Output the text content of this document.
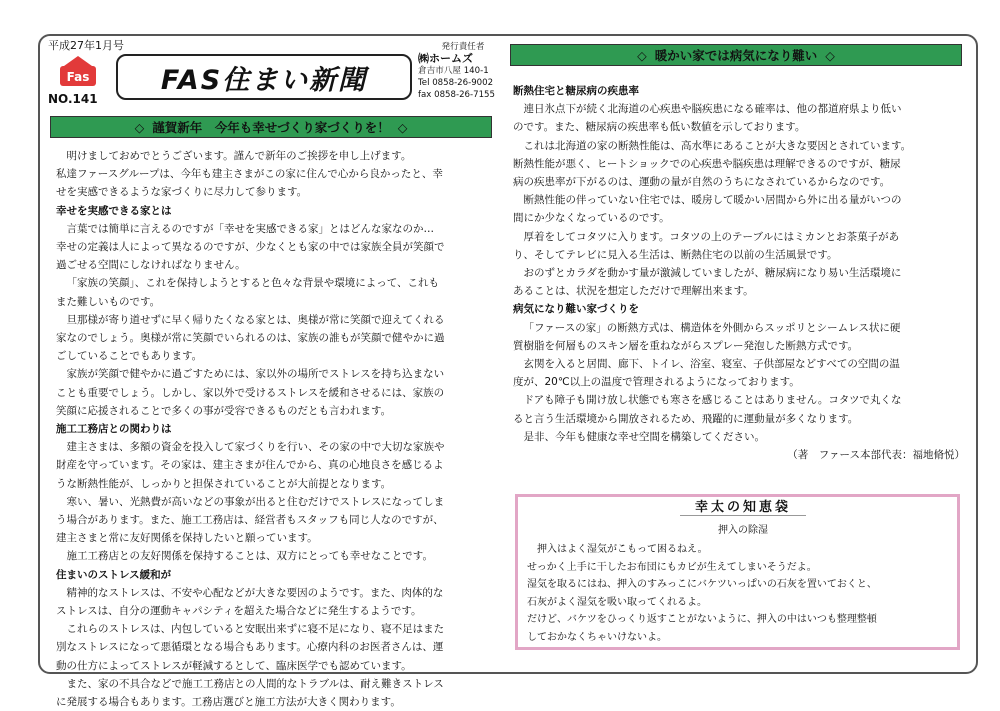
平成27年1月号
Fas
NO.141
FAS住まい新聞
発行責任者
㈱ホームズ
倉吉市八屋 140-1
Tel 0858-26-9002
fax 0858-26-7155
◇ 謹賀新年　今年も幸せづくり家づくりを！ ◇

明けましておめでとうございます。謹んで新年のご挨拶を申し上げます。

私達ファースグループは、今年も建主さまがこの家に住んで心から良かったと、幸

せを実感できるような家づくりに尽力して参ります。

幸せを実感できる家とは

言葉では簡単に言えるのですが「幸せを実感できる家」とはどんな家なのか…

幸せの定義は人によって異なるのですが、少なくとも家の中では家族全員が笑顔で

過ごせる空間にしなければなりません。

「家族の笑顔」、これを保持しようとすると色々な背景や環境によって、これも

また難しいものです。

旦那様が寄り道せずに早く帰りたくなる家とは、奥様が常に笑顔で迎えてくれる

家なのでしょう。奥様が常に笑顔でいられるのは、家族の誰もが笑顔で健やかに過

ごしていることでもあります。

家族が笑顔で健やかに過ごすためには、家以外の場所でストレスを持ち込まない

ことも重要でしょう。しかし、家以外で受けるストレスを緩和させるには、家族の

笑顔に応援されることで多くの事が受容できるものだとも言われます。

施工工務店との関わりは

建主さまは、多額の資金を投入して家づくりを行い、その家の中で大切な家族や

財産を守っています。その家は、建主さまが住んでから、真の心地良さを感じるよ

うな断熱性能が、しっかりと担保されていることが大前提となります。

寒い、暑い、光熱費が高いなどの事象が出ると住むだけでストレスになってしま

う場合があります。また、施工工務店は、経営者もスタッフも同じ人なのですが、

建主さまと常に友好関係を保持したいと願っています。

施工工務店との友好関係を保持することは、双方にとっても幸せなことです。

住まいのストレス緩和が

精神的なストレスは、不安や心配などが大きな要因のようです。また、肉体的な

ストレスは、自分の運動キャパシティを超えた場合などに発生するようです。

これらのストレスは、内包していると安眠出来ずに寝不足になり、寝不足はまた

別なストレスになって悪循環となる場合もあります。心療内科のお医者さんは、運

動の仕方によってストレスが軽減するとして、臨床医学でも認めています。

また、家の不具合などで施工工務店との人間的なトラブルは、耐え難きストレス

に発展する場合もあります。工務店選びと施工方法が大きく関わります。

◇ 暖かい家では病気になり難い ◇

断熱住宅と糖尿病の疾患率

連日氷点下が続く北海道の心疾患や脳疾患になる確率は、他の都道府県より低い

のです。また、糖尿病の疾患率も低い数値を示しております。

これは北海道の家の断熱性能は、高水準にあることが大きな要因とされています。

断熱性能が悪く、ヒートショックでの心疾患や脳疾患は理解できるのですが、糖尿

病の疾患率が下がるのは、運動の量が自然のうちになされているからなのです。

断熱性能の伴っていない住宅では、暖房して暖かい居間から外に出る量がいつの

間にか少なくなっているのです。

厚着をしてコタツに入ります。コタツの上のテーブルにはミカンとお茶菓子があ

り、そしてテレビに見入る生活は、断熱住宅の以前の生活風景です。

おのずとカラダを動かす量が激減していましたが、糖尿病になり易い生活環境に

あることは、状況を想定しただけで理解出来ます。

病気になり難い家づくりを

「ファースの家」の断熱方式は、構造体を外側からスッポリとシームレス状に硬

質樹脂を何層ものスキン層を重ねながらスプレー発泡した断熱方式です。

玄関を入ると居間、廊下、トイレ、浴室、寝室、子供部屋などすべての空間の温

度が、20℃以上の温度で管理されるようになっております。

ドアも障子も開け放し状態でも寒さを感じることはありません。コタツで丸くな

ると言う生活環境から開放されるため、飛躍的に運動量が多くなります。

是非、今年も健康な幸せ空間を構築してください。

（著　ファース本部代表：福地脩悦）

幸太の知恵袋
押入の除湿

押入はよく湿気がこもって困るねえ。

せっかく上手に干したお布団にもカビが生えてしまいそうだよ。

湿気を取るにはね、押入のすみっこにバケツいっぱいの石灰を置いておくと、

石灰がよく湿気を吸い取ってくれるよ。

だけど、バケツをひっくり返すことがないように、押入の中はいつも整理整頓

しておかなくちゃいけないよ。
